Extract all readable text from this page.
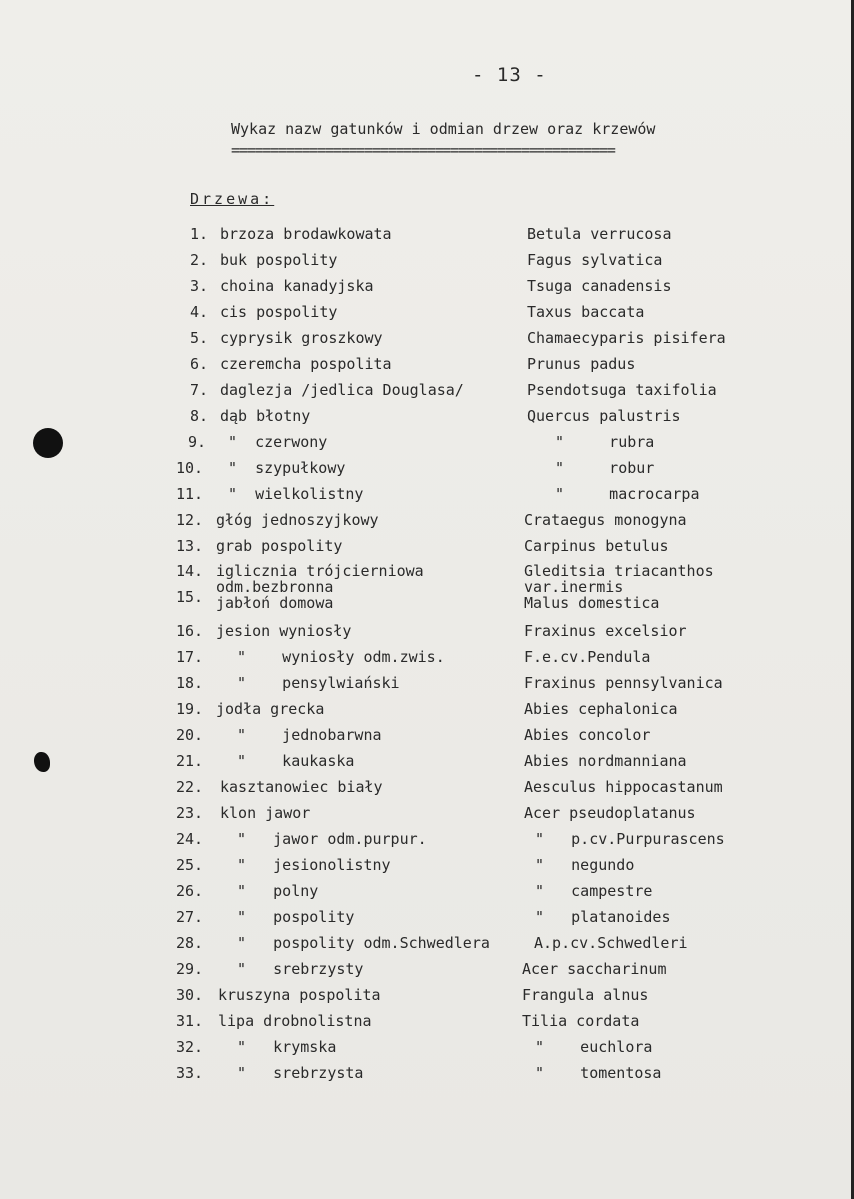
- 13 -
Wykaz nazw gatunków i odmian drzew oraz krzewów
=================================================
Drzewa:
1. brzoza brodawkowata	Betula verrucosa
2. buk pospolity	Fagus sylvatica
3. choina kanadyjska	Tsuga canadensis
4. cis pospolity	Taxus baccata
5. cyprysik groszkowy	Chamaecyparis pisifera
6. czeremcha pospolita	Prunus padus
7. daglezja /jedlica Douglasa/	Psendotsuga taxifolia
8. dąb błotny	Quercus palustris
9. "  czerwony	"     rubra
10. "  szypułkowy	"     robur
11. "  wielkolistny	"     macrocarpa
12. głóg jednoszyjkowy	Crataegus monogyna
13. grab pospolity	Carpinus betulus
14. iglicznia trójcierniowa	Gleditsia triacanthos
odm.bezbronna	var.inermis
15. jabłoń domowa	Malus domestica
16. jesion wyniosły	Fraxinus excelsior
17. "    wyniosły odm.zwis.	F.e.cv.Pendula
18. "    pensylwiański	Fraxinus pennsylvanica
19. jodła grecka	Abies cephalonica
20. "    jednobarwna	Abies concolor
21. "    kaukaska	Abies nordmanniana
22. kasztanowiec biały	Aesculus hippocastanum
23. klon jawor	Acer pseudoplatanus
24. "   jawor odm.purpur.	"   p.cv.Purpurascens
25. "   jesionolistny	"   negundo
26. "   polny	"   campestre
27. "   pospolity	"   platanoides
28. "   pospolity odm.Schwedlera	A.p.cv.Schwedleri
29. "   srebrzysty	Acer saccharinum
30. kruszyna pospolita	Frangula alnus
31. lipa drobnolistna	Tilia cordata
32. "   krymska	"    euchlora
33. "   srebrzysta	"    tomentosa
